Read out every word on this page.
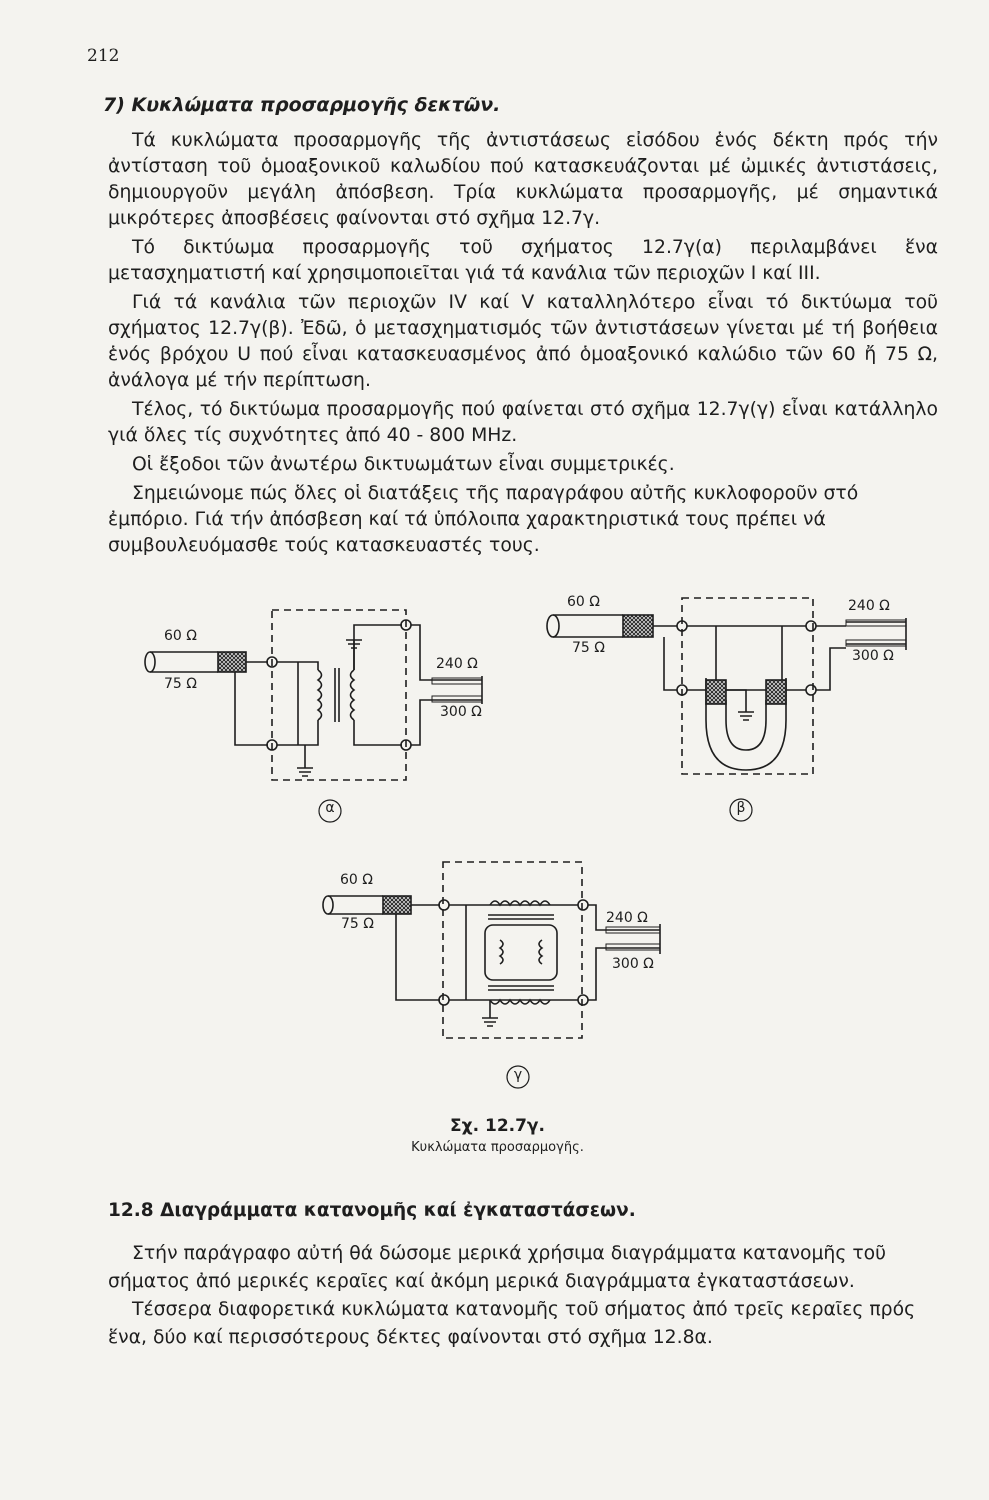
212
7) Κυκλώματα προσαρμογῆς δεκτῶν.

Τά κυκλώματα προσαρμογῆς τῆς ἀντιστάσεως εἰσόδου ἑνός δέκτη πρός τήν ἀντίσταση τοῦ ὁμοαξονικοῦ καλωδίου πού κατασκευάζονται μέ ὠμικές ἀντιστάσεις, δημιουργοῦν μεγάλη ἀπόσβεση. Τρία κυκλώματα προσαρμογῆς, μέ σημαντικά μικρότερες ἀποσβέσεις φαίνονται στό σχῆμα 12.7γ.

Τό δικτύωμα προσαρμογῆς τοῦ σχήματος 12.7γ(α) περιλαμβάνει ἕνα μετασχηματιστή καί χρησιμοποιεῖται γιά τά κανάλια τῶν περιοχῶν I καί III.

Γιά τά κανάλια τῶν περιοχῶν IV καί V καταλληλότερο εἶναι τό δικτύωμα τοῦ σχήματος 12.7γ(β). Ἐδῶ, ὁ μετασχηματισμός τῶν ἀντιστάσεων γίνεται μέ τή βοήθεια ἑνός βρόχου U πού εἶναι κατασκευασμένος ἀπό ὁμοαξονικό καλώδιο τῶν 60 ἤ 75 Ω, ἀνάλογα μέ τήν περίπτωση.

Τέλος, τό δικτύωμα προσαρμογῆς πού φαίνεται στό σχῆμα 12.7γ(γ) εἶναι κατάλληλο γιά ὅλες τίς συχνότητες ἀπό 40 - 800 MHz.

Οἱ ἔξοδοι τῶν ἀνωτέρω δικτυωμάτων εἶναι συμμετρικές.

Σημειώνομε πώς ὅλες οἱ διατάξεις τῆς παραγράφου αὐτῆς κυκλοφοροῦν στό ἐμπόριο. Γιά τήν ἀπόσβεση καί τά ὑπόλοιπα χαρακτηριστικά τους πρέπει νά συμβουλευόμασθε τούς κατασκευαστές τους.

60 Ω
75 Ω
240 Ω
300 Ω
α
60 Ω
75 Ω
240 Ω
300 Ω
β
60 Ω
75 Ω	240 Ω
300 Ω
γ
Σχ. 12.7γ.
Κυκλώματα προσαρμογῆς.
12.8 Διαγράμματα κατανομῆς καί ἐγκαταστάσεων.

Στήν παράγραφο αὐτή θά δώσομε μερικά χρήσιμα διαγράμματα κατανομῆς τοῦ σήματος ἀπό μερικές κεραῖες καί ἀκόμη μερικά διαγράμματα ἐγκαταστάσεων.

Τέσσερα διαφορετικά κυκλώματα κατανομῆς τοῦ σήματος ἀπό τρεῖς κεραῖες πρός ἕνα, δύο καί περισσότερους δέκτες φαίνονται στό σχῆμα 12.8α.
